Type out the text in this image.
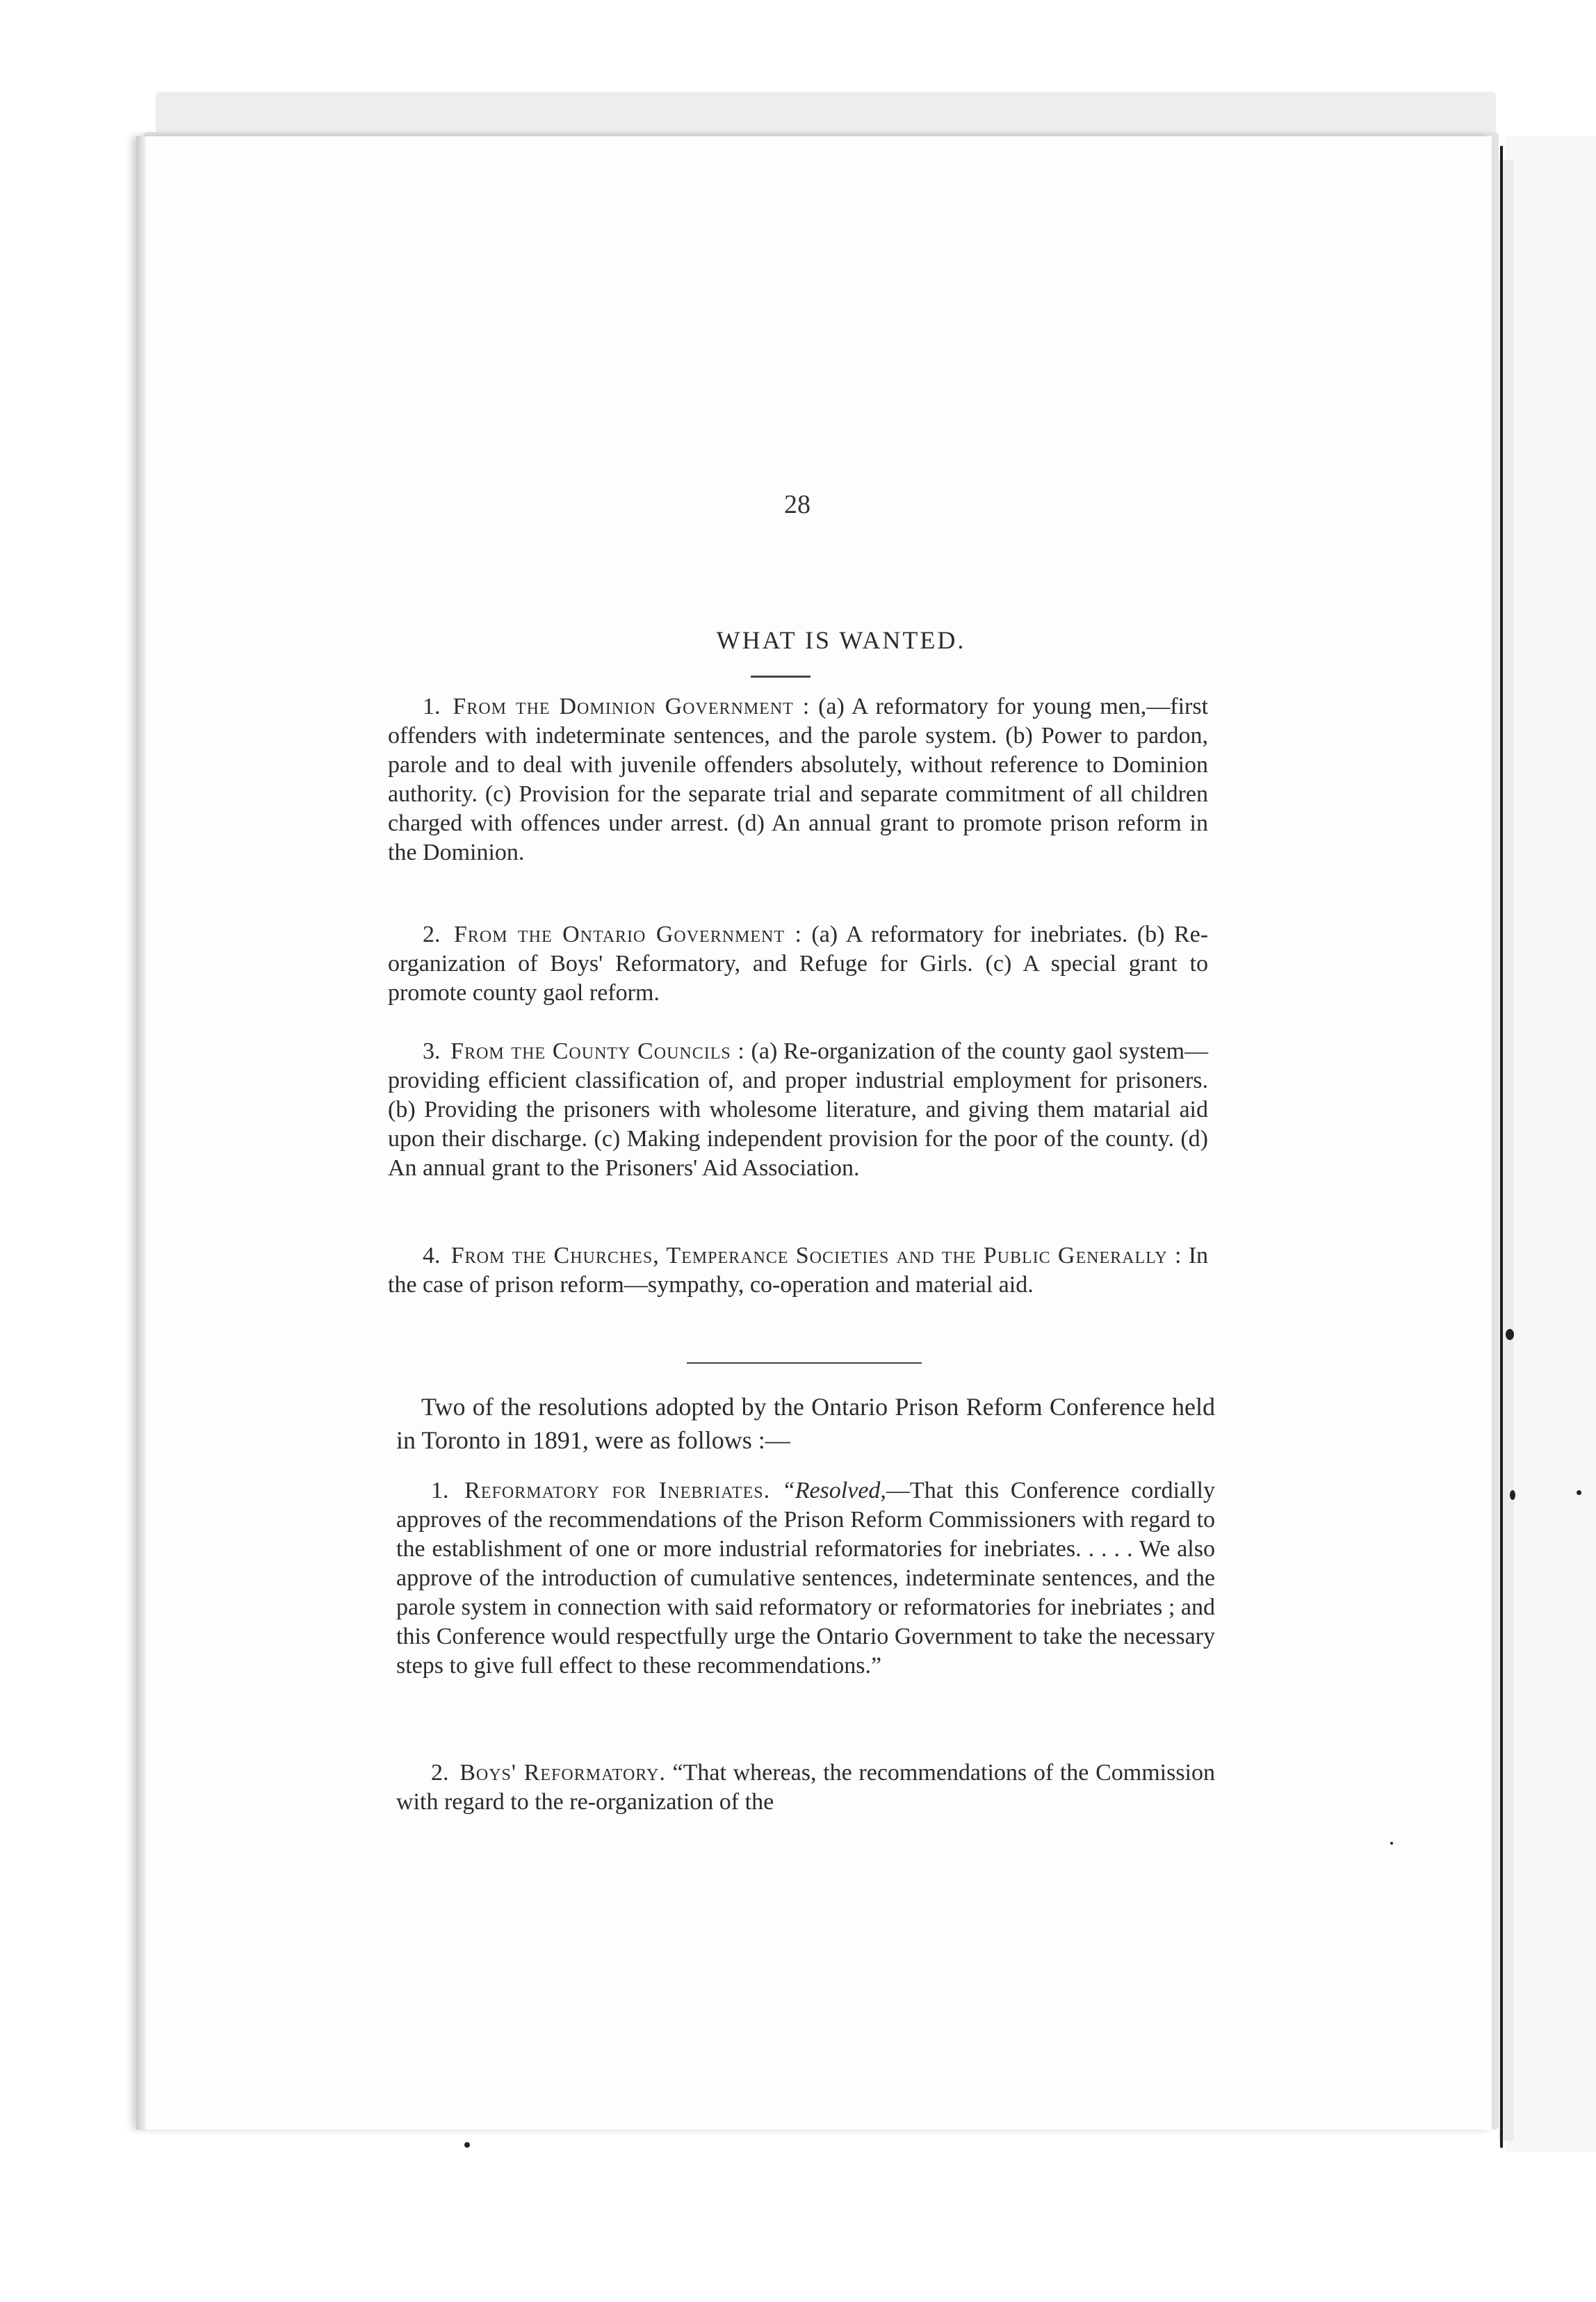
28
WHAT IS WANTED.

1. From the Dominion Government : (a) A reformatory for young men,—first offenders with indeterminate sentences, and the parole system. (b) Power to pardon, parole and to deal with juvenile offenders absolutely, without reference to Dominion authority. (c) Provision for the separate trial and separate commitment of all children charged with offences under arrest. (d) An annual grant to promote prison reform in the Dominion.

2. From the Ontario Government : (a) A reformatory for inebriates. (b) Re-organization of Boys' Reformatory, and Refuge for Girls. (c) A special grant to promote county gaol reform.

3. From the County Councils : (a) Re-organization of the county gaol system—providing efficient classification of, and proper industrial employment for prisoners. (b) Providing the prisoners with wholesome literature, and giving them matarial aid upon their discharge. (c) Making independent provision for the poor of the county. (d) An annual grant to the Prisoners' Aid Association.

4. From the Churches, Temperance Societies and the Public Generally : In the case of prison reform—sympathy, co-operation and material aid.

Two of the resolutions adopted by the Ontario Prison Reform Conference held in Toronto in 1891, were as follows :—

1. Reformatory for Inebriates. “Resolved,—That this Conference cordially approves of the recommendations of the Prison Reform Commissioners with regard to the establishment of one or more industrial reformatories for inebriates. . . . . We also approve of the introduction of cumulative sentences, indeterminate sentences, and the parole system in connection with said reformatory or reformatories for inebriates ; and this Conference would respectfully urge the Ontario Government to take the necessary steps to give full effect to these recommendations.”

2. Boys' Reformatory. “That whereas, the recommendations of the Commission with regard to the re-organization of the
